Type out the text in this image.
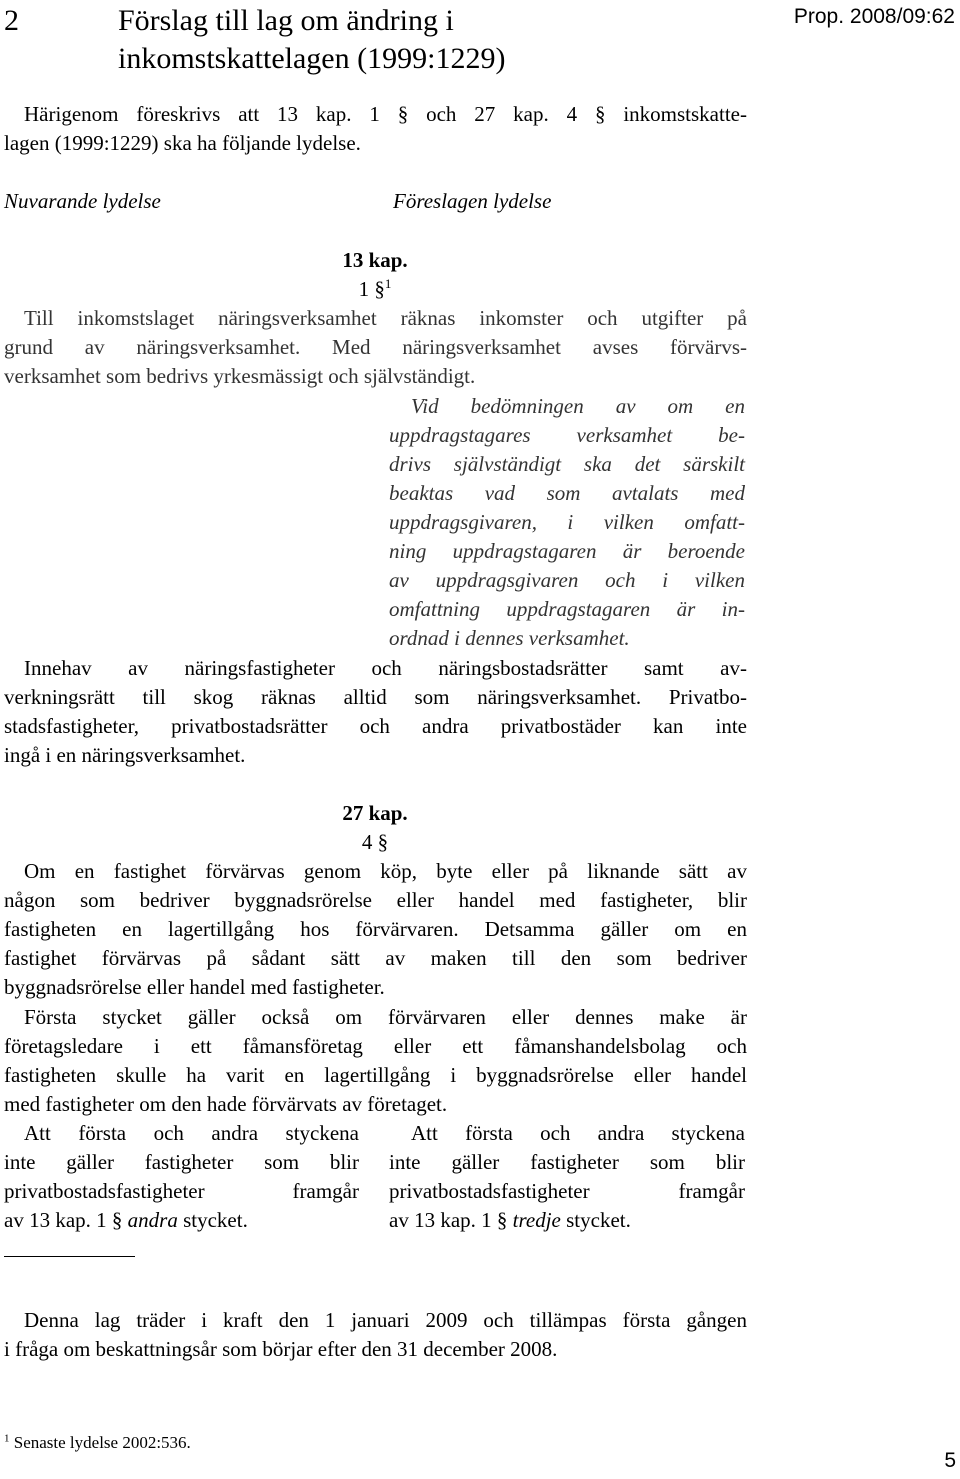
2	Förslag till lag om ändring i
inkomstskattelagen (1999:1229)
Prop. 2008/09:62
Härigenom föreskrivs att 13 kap. 1 § och 27 kap. 4 § inkomstskatte-
lagen (1999:1229) ska ha följande lydelse.
Nuvarande lydelse	Föreslagen lydelse
13 kap.
1 §$^1$
Till inkomstslaget näringsverksamhet räknas inkomster och utgifter på
grund av näringsverksamhet. Med näringsverksamhet avses förvärvs-
verksamhet som bedrivs yrkesmässigt och självständigt.
Vid bedömningen av om en
uppdragstagares verksamhet be-
drivs självständigt ska det särskilt
beaktas vad som avtalats med
uppdragsgivaren, i vilken omfatt-
ning uppdragstagaren är beroende
av uppdragsgivaren och i vilken
omfattning uppdragstagaren är in-
ordnad i dennes verksamhet.
Innehav av näringsfastigheter och näringsbostadsrätter samt av-
verkningsrätt till skog räknas alltid som näringsverksamhet. Privatbo-
stadsfastigheter, privatbostadsrätter och andra privatbostäder kan inte
ingå i en näringsverksamhet.
27 kap.
4 §
Om en fastighet förvärvas genom köp, byte eller på liknande sätt av
någon som bedriver byggnadsrörelse eller handel med fastigheter, blir
fastigheten en lagertillgång hos förvärvaren. Detsamma gäller om en
fastighet förvärvas på sådant sätt av maken till den som bedriver
byggnadsrörelse eller handel med fastigheter.
Första stycket gäller också om förvärvaren eller dennes make är
företagsledare i ett fåmansföretag eller ett fåmanshandelsbolag och
fastigheten skulle ha varit en lagertillgång i byggnadsrörelse eller handel
med fastigheter om den hade förvärvats av företaget.
Att första och andra styckena
inte gäller fastigheter som blir
privatbostadsfastigheter framgår
av 13 kap. 1 § andra stycket.
Att första och andra styckena
inte gäller fastigheter som blir
privatbostadsfastigheter framgår
av 13 kap. 1 § tredje stycket.
Denna lag träder i kraft den 1 januari 2009 och tillämpas första gången
i fråga om beskattningsår som börjar efter den 31 december 2008.
$^1$ Senaste lydelse 2002:536.
5
